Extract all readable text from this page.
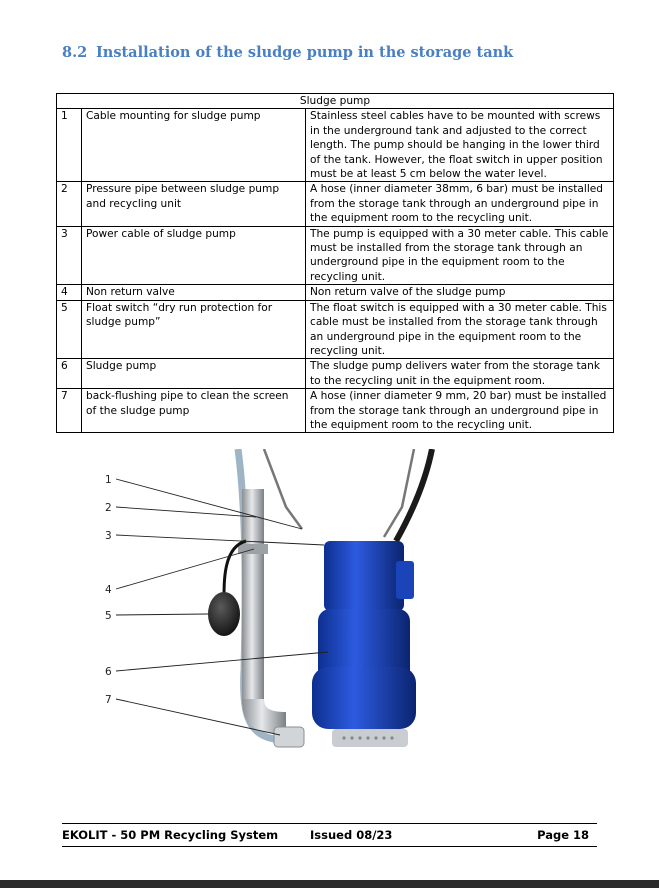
8.2 Installation of the sludge pump in the storage tank
Sludge pump		
1	Cable mounting for sludge pump	Stainless steel cables have to be mounted with screws in the underground tank and adjusted to the correct length. The pump should be hanging in the lower third of the tank. However, the float switch in upper position must be at least 5 cm below the water level.
2	Pressure pipe between sludge pump and recycling unit	A hose (inner diameter 38mm, 6 bar) must be installed from the storage tank through an underground pipe in the equipment room to the recycling unit.
3	Power cable of sludge pump	The pump is equipped with a 30 meter cable. This cable must be installed from the storage tank through an underground pipe in the equipment room to the recycling unit.
4	Non return valve	Non return valve of the sludge pump
5	Float switch “dry run protection for sludge pump”	The float switch is equipped with a 30 meter cable. This cable must be installed from the storage tank through an underground pipe in the equipment room to the recycling unit.
6	Sludge pump	The sludge pump delivers water from the storage tank to the recycling unit in the equipment room.
7	back-flushing pipe to clean the screen of the sludge pump	A hose (inner diameter 9 mm, 20 bar) must be installed from the storage tank through an underground pipe in the equipment room to the recycling unit.
1
2
3
4
5
6
7
EKOLIT - 50 PM Recycling System	Issued 08/23	Page 18
